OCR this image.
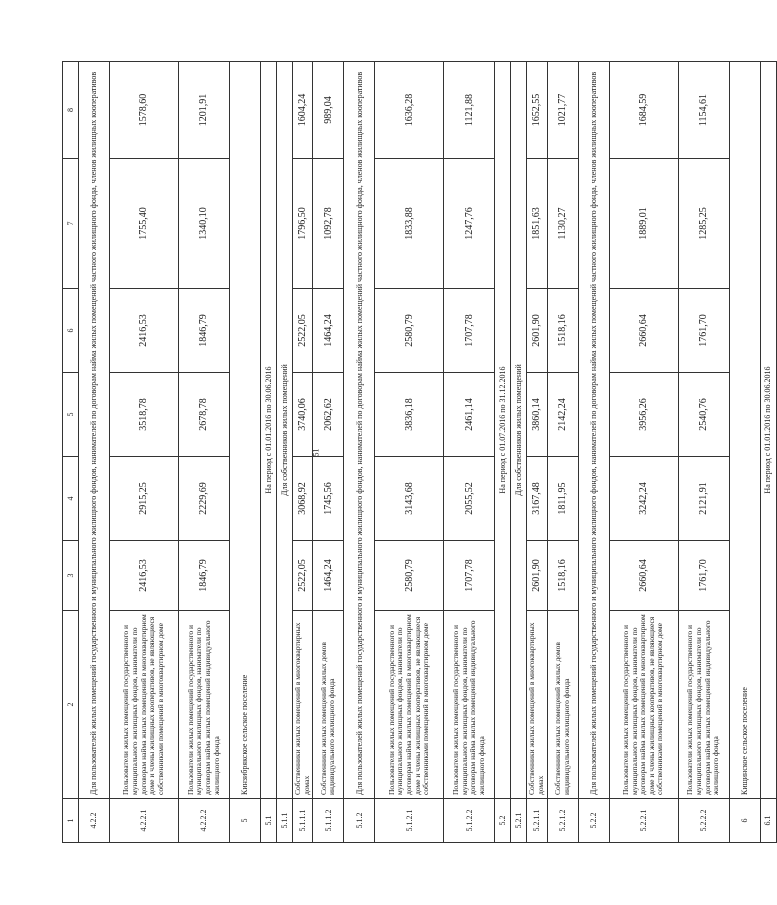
51
1	2	3	4	5	6	7	8
4.2.2	Для пользователей жилых помещений государственного и муниципального жилищного фондов, нанимателей по договорам найма жилых помещений частного жилищного фонда, членов жилищных кооперативов						
4.2.2.1	Пользователи жилых помещений государственного и муниципального жилищных фондов, наниматели по договорам найма жилых помещений в многоквартирном доме и члены жилищных кооперативов, не являющиеся собственниками помещений в многоквартирном доме	2416,53	2915,25	3518,78	2416,53	1755,40	1578,60
4.2.2.2	Пользователи жилых помещений государственного и муниципального жилищных фондов, наниматели по договорам найма жилых помещений индивидуального жилищного фонда	1846,79	2229,69	2678,78	1846,79	1340,10	1201,91
5	Кинзибрякское сельское поселение						
5.1	На период с 01.01.2016 по 30.06.2016						
5.1.1	Для собственников жилых помещений						
5.1.1.1	Собственники жилых помещений в многоквартирных домах	2522,05	3068,92	3740,06	2522,05	1796,50	1604,24
5.1.1.2	Собственники жилых помещений жилых домов индивидуального жилищного фонда	1464,24	1745,56	2062,62	1464,24	1092,78	989,04
5.1.2	Для пользователей жилых помещений государственного и муниципального жилищного фондов, нанимателей по договорам найма жилых помещений частного жилищного фонда, членов жилищных кооперативов						
5.1.2.1	Пользователи жилых помещений государственного и муниципального жилищных фондов, наниматели по договорам найма жилых помещений в многоквартирном доме и члены жилищных кооперативов, не являющиеся собственниками помещений в многоквартирном доме	2580,79	3143,68	3836,18	2580,79	1833,88	1636,28
5.1.2.2	Пользователи жилых помещений государственного и муниципального жилищных фондов, наниматели по договорам найма жилых помещений индивидуального жилищного фонда	1707,78	2055,52	2461,14	1707,78	1247,76	1121,88
5.2	На период с 01.07.2016 по 31.12.2016						
5.2.1	Для собственников жилых помещений						
5.2.1.1	Собственники жилых помещений в многоквартирных домах	2601,90	3167,48	3860,14	2601,90	1851,63	1652,55
5.2.1.2	Собственники жилых помещений жилых домов индивидуального жилищного фонда	1518,16	1811,95	2142,24	1518,16	1130,27	1021,77
5.2.2	Для пользователей жилых помещений государственного и муниципального жилищного фондов, нанимателей по договорам найма жилых помещений частного жилищного фонда, членов жилищных кооперативов						
5.2.2.1	Пользователи жилых помещений государственного и муниципального жилищных фондов, наниматели по договорам найма жилых помещений в многоквартирном доме и члены жилищных кооперативов, не являющиеся собственниками помещений в многоквартирном доме	2660,64	3242,24	3956,26	2660,64	1889,01	1684,59
5.2.2.2	Пользователи жилых помещений государственного и муниципального жилищных фондов, наниматели по договорам найма жилых помещений индивидуального жилищного фонда	1761,70	2121,91	2540,76	1761,70	1285,25	1154,61
6	Кищинское сельское поселение						
6.1	На период с 01.01.2016 по 30.06.2016						
